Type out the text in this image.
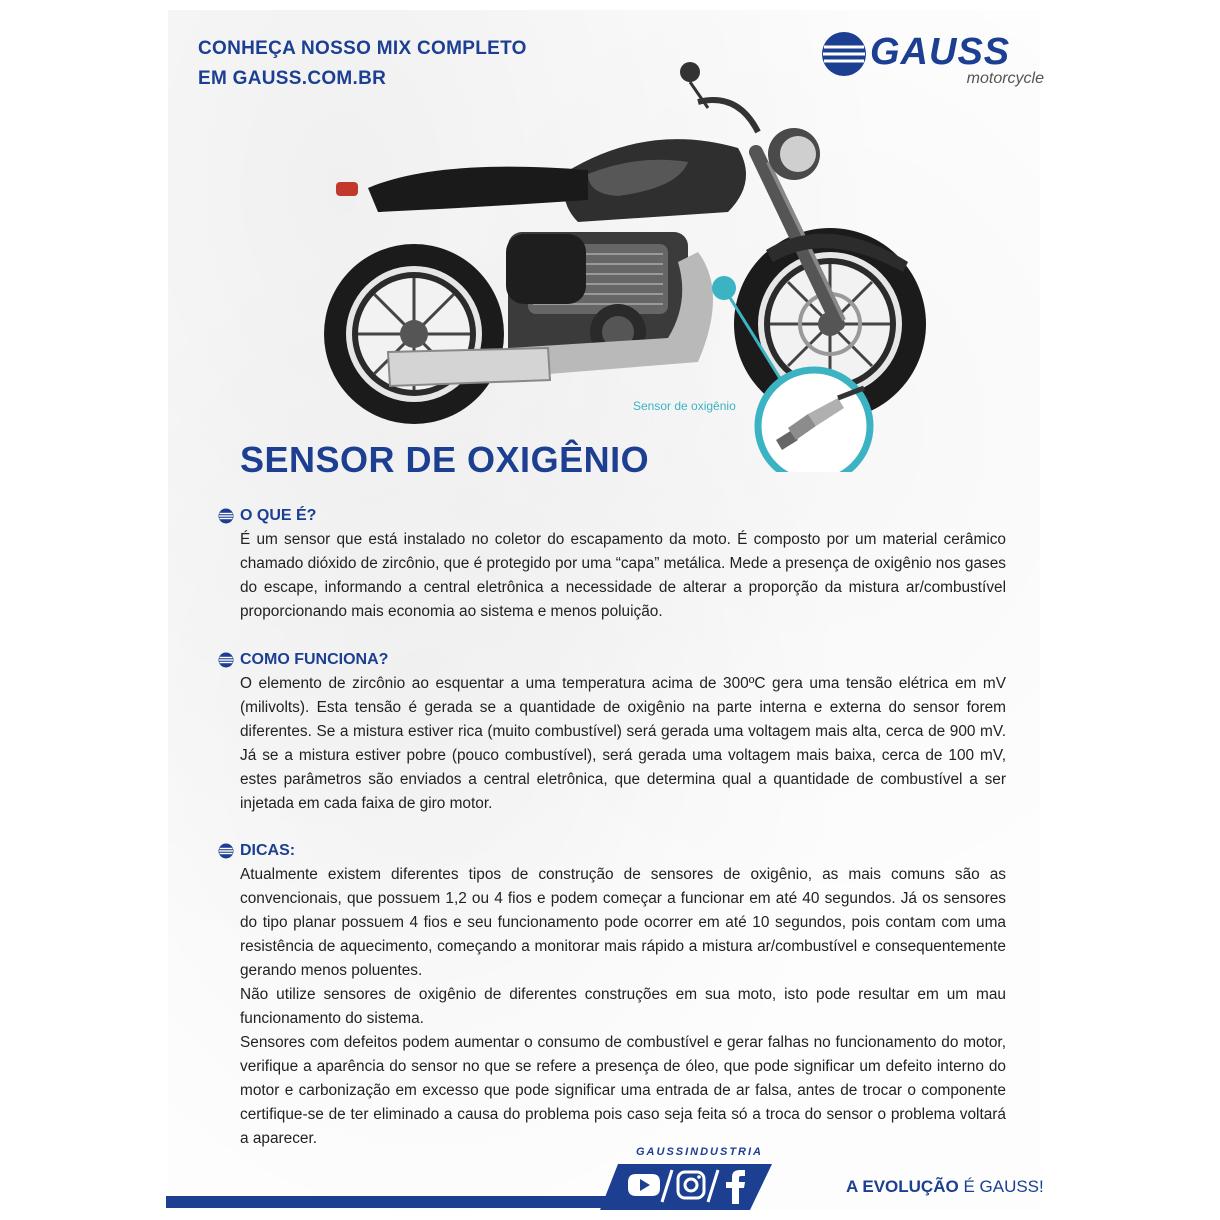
CONHEÇA NOSSO MIX COMPLETO
EM GAUSS.COM.BR
GAUSS
motorcycle
Sensor de oxigênio
SENSOR DE OXIGÊNIO
O QUE É?

É um sensor que está instalado no coletor do escapamento da moto. É composto por um material cerâmico chamado dióxido de zircônio, que é protegido por uma “capa” metálica. Mede a presença de oxigênio nos gases do escape, informando a central eletrônica a necessidade de alterar a proporção da mistura ar/combustível proporcionando mais economia ao sistema e menos poluição.

COMO FUNCIONA?

O elemento de zircônio ao esquentar a uma temperatura acima de 300ºC gera uma tensão elétrica em mV (milivolts). Esta tensão é gerada se a quantidade de oxigênio na parte interna e externa do sensor forem diferentes. Se a mistura estiver rica (muito combustível) será gerada uma voltagem mais alta, cerca de 900 mV. Já se a mistura estiver pobre (pouco combustível), será gerada uma voltagem mais baixa, cerca de 100 mV, estes parâmetros são enviados a central eletrônica, que determina qual a quantidade de combustível a ser injetada em cada faixa de giro motor.

DICAS:

Atualmente existem diferentes tipos de construção de sensores de oxigênio, as mais comuns são as convencionais, que possuem 1,2 ou 4 fios e podem começar a funcionar em até 40 segundos. Já os sensores do tipo planar possuem 4 fios e seu funcionamento pode ocorrer em até 10 segundos, pois contam com uma resistência de aquecimento, começando a monitorar mais rápido a mistura ar/combustível e consequentemente gerando menos poluentes.

Não utilize sensores de oxigênio de diferentes construções em sua moto, isto pode resultar em um mau funcionamento do sistema.

Sensores com defeitos podem aumentar o consumo de combustível e gerar falhas no funcionamento do motor, verifique a aparência do sensor no que se refere a presença de óleo, que pode significar um defeito interno do motor e carbonização em excesso que pode significar uma entrada de ar falsa, antes de trocar o componente certifique-se de ter eliminado a causa do problema pois caso seja feita só a troca do sensor o problema voltará a aparecer.

GAUSSINDUSTRIA
A EVOLUÇÃO É GAUSS!
